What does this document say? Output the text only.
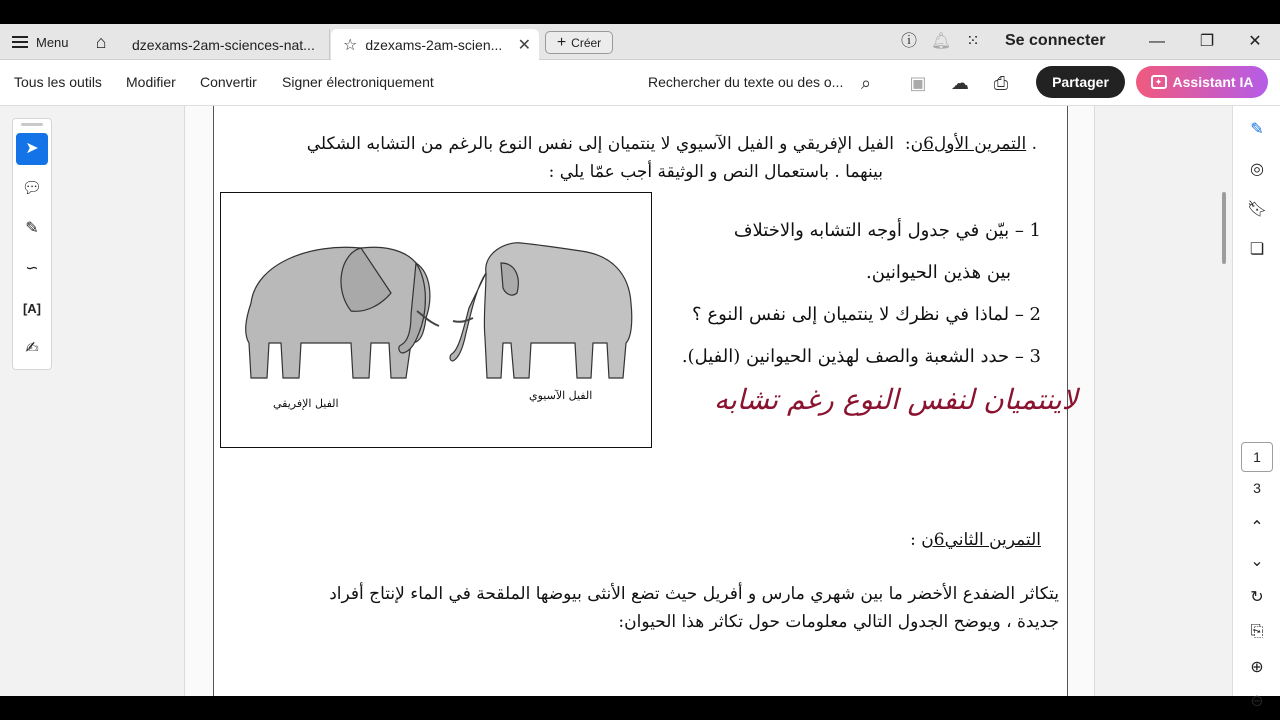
Menu	⌂	dzexams-2am-sciences-nat... ☆ dzexams-2am-scien... ✕ + Créer	ⓘ 🔔︎ ⁙ Se connecter	—	❐	✕
Tous les outils Modifier Convertir Signer électroniquement	Rechercher du texte ou des o... ⌕	▣ ☁ ⎙	Partager	✦ Assistant IA
➤
💬︎
✎
∽
[A]
✍
. التمرين الأول6ن:  الفيل الإفريقي و الفيل الآسيوي لا ينتميان إلى نفس النوع بالرغم من التشابه الشكلي
بينهما . باستعمال النص و الوثيقة أجب عمّا يلي :
الفيل الإفريقي
الفيل الآسيوي
1 – بيّن في جدول أوجه التشابه والاختلاف
بين هذين الحيوانين.
2 – لماذا في نظرك لا ينتميان إلى نفس النوع ؟
3 – حدد الشعبة والصف لهذين الحيوانين (الفيل).
لاينتميان لنفس النوع رغم تشابه
التمرين الثاني6ن :
يتكاثر الضفدع الأخضر ما بين شهري مارس و أفريل حيث تضع الأنثى بيوضها الملقحة في الماء لإنتاج أفراد
جديدة ، ويوضح الجدول التالي معلومات حول تكاثر هذا الحيوان:
✎
◎
🔖︎
❏
1
3
⌃
⌄
↻
⎘
⊕
⊖
